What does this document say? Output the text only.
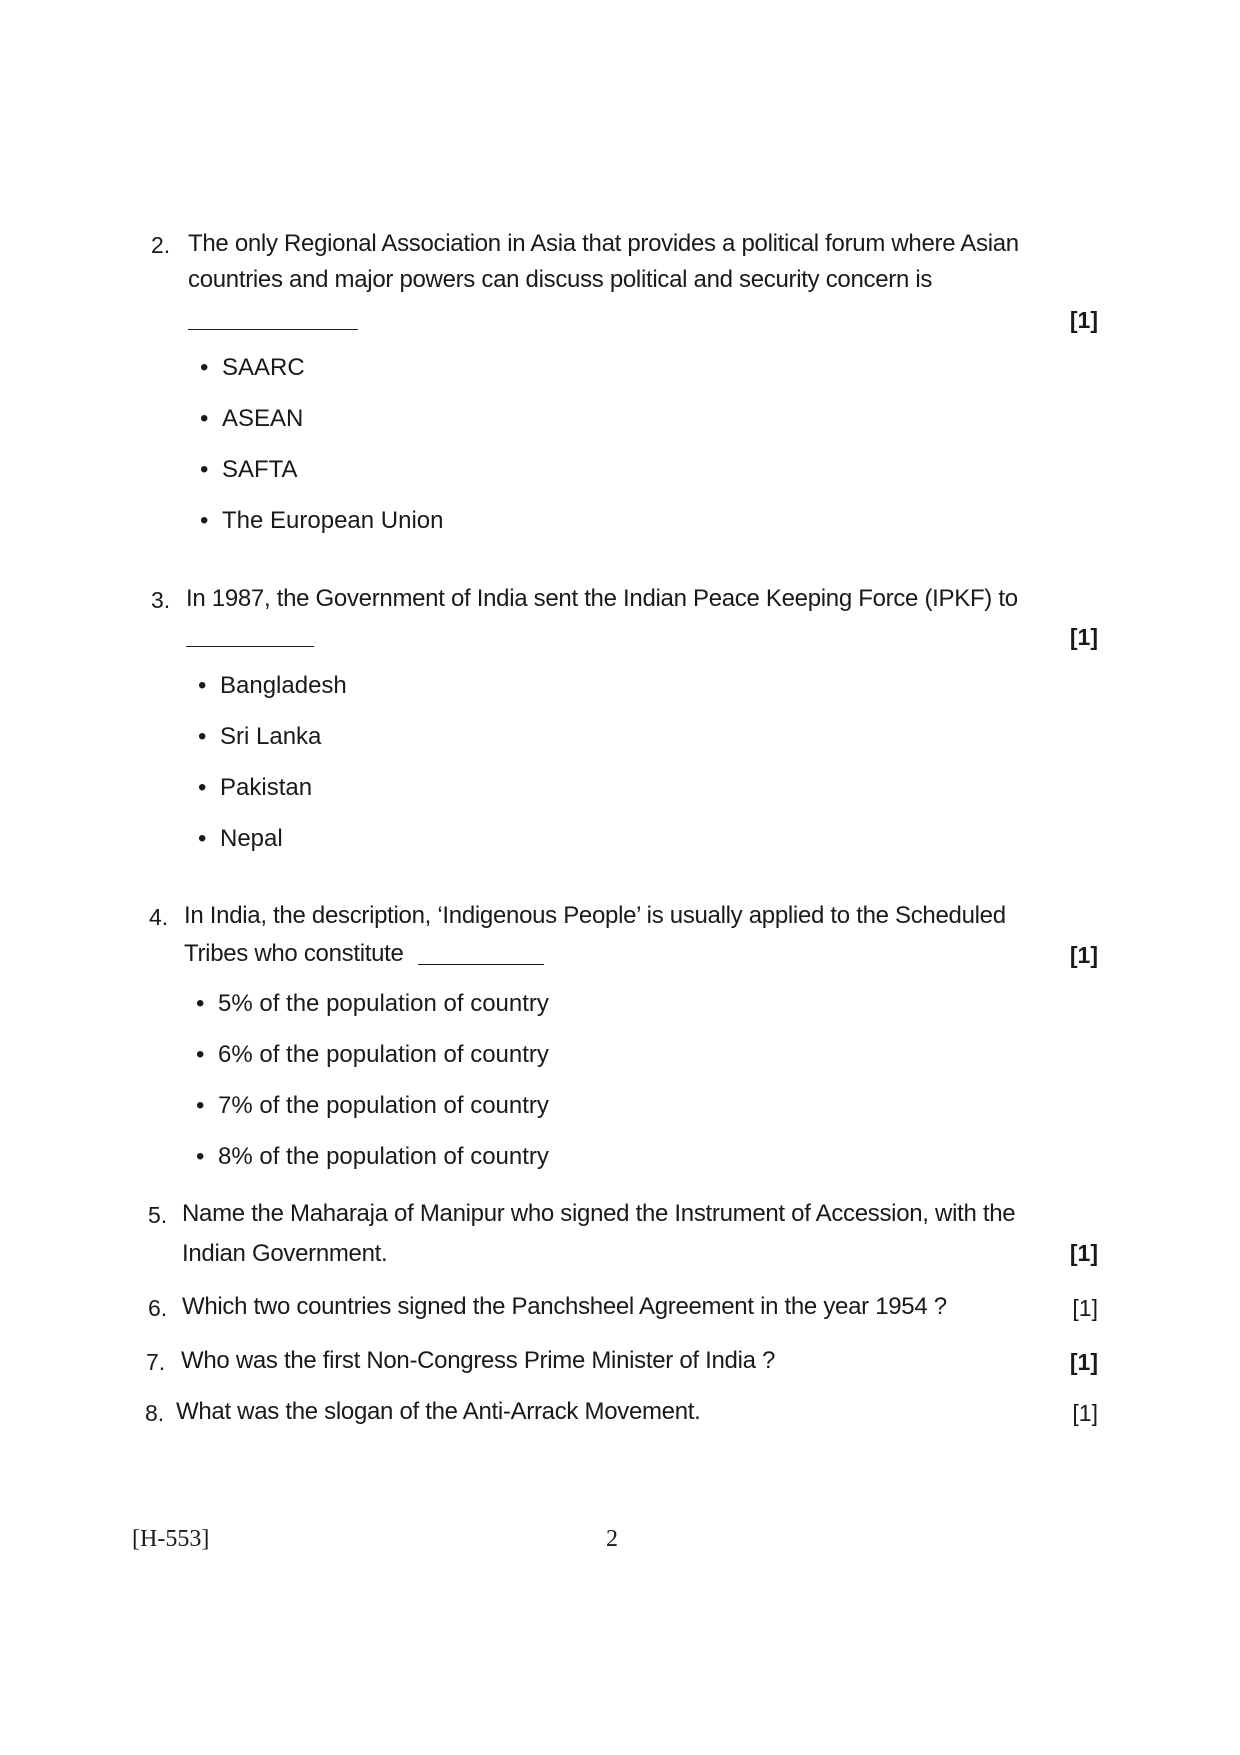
2. The only Regional Association in Asia that provides a political forum where Asian
countries and major powers can discuss political and security concern is
[1]
• SAARC
• ASEAN
• SAFTA
• The European Union
3. In 1987, the Government of India sent the Indian Peace Keeping Force (IPKF) to
[1]
• Bangladesh
• Sri Lanka
• Pakistan
• Nepal
4. In India, the description, ‘Indigenous People’ is usually applied to the Scheduled
Tribes who constitute	[1]
• 5% of the population of country
• 6% of the population of country
• 7% of the population of country
• 8% of the population of country
5. Name the Maharaja of Manipur who signed the Instrument of Accession, with the
Indian Government.	[1]
6. Which two countries signed the Panchsheel Agreement in the year 1954 ?	[1]
7. Who was the first Non-Congress Prime Minister of India ?	[1]
8. What was the slogan of the Anti-Arrack Movement.	[1]
[H-553]	2
